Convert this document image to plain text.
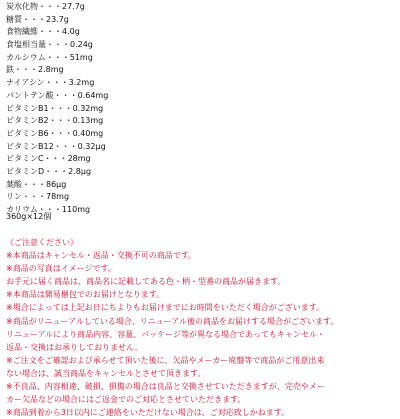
炭水化物・・・27.7g
糖質・・・23.7g
食物繊維・・・4.0g
食塩相当量・・・0.24g
カルシウム・・・51mg
鉄・・・2.8mg
ナイアシン・・・3.2mg
パントテン酸・・・0.64mg
ビタミンB1・・・0.32mg
ビタミンB2・・・0.13mg
ビタミンB6・・・0.40mg
ビタミンB12・・・0.32μg
ビタミンC・・・28mg
ビタミンD・・・2.8μg
葉酸・・・86μg
リン・・・78mg
カリウム・・・110mg
360g×12個
《ご注意ください》
※本商品はキャンセル・返品・交換不可の商品です。
※商品の写真はイメージです。
お手元に届く商品は、商品名に記載してある色・柄・型番の商品が届きます。
※本商品は簡易梱包でのお届けとなります。
※場合によっては上記お日にちよりもお届けまでにお時間をいただく場合がございます。
※商品がリニューアルしている場合、リニューアル後の商品をお届けする場合がございます。
リニューアルにより商品内容、容量、パッケージ等が異なる場合であってもキャンセル・
返品・交換はお承りしておりません。
※ご注文をご確認および承らせて頂いた後に、欠品やメーカー廃盤等で商品がご用意出来
ない場合は、誠当商品をキャンセルとさせて頂きます。
※不良品、内容相違、破損、損傷の場合は良品と交換させていただきますが、完売やメー
カー欠品などの場合にはご返金でのご対応とさせていただきます。
※商品到着から3日以内にご連絡をいただけない場合は、ご対応致しかねます。
